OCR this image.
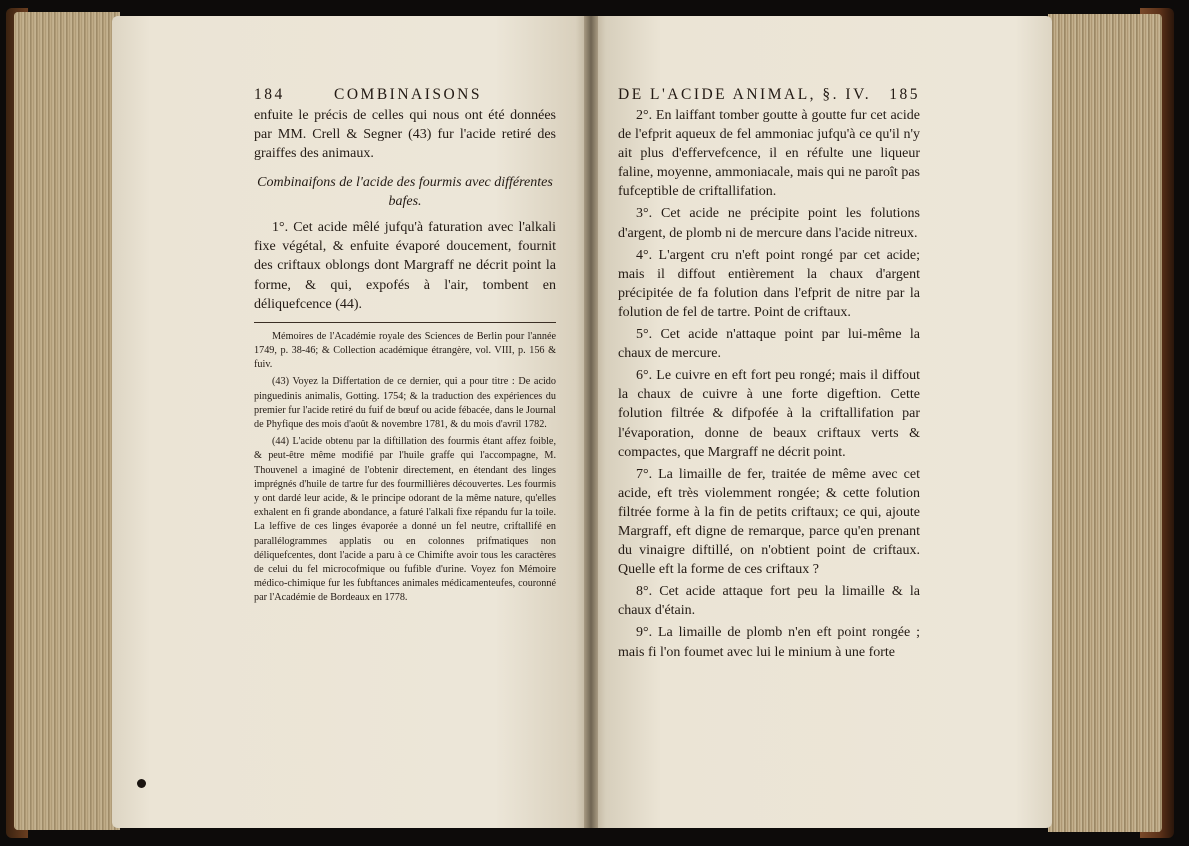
184	COMBINAISONS

enfuite le précis de celles qui nous ont été données par MM. Crell & Segner (43) fur l'acide retiré des graiffes des animaux.

Combinaifons de l'acide des fourmis avec différentes bafes.

1°. Cet acide mêlé jufqu'à faturation avec l'alkali fixe végétal, & enfuite évaporé doucement, fournit des criftaux oblongs dont Margraff ne décrit point la forme, & qui, expofés à l'air, tombent en déliquefcence (44).

Mémoires de l'Académie royale des Sciences de Berlin pour l'année 1749, p. 38-46; & Collection académique étrangère, vol. VIII, p. 156 & fuiv.

(43) Voyez la Differtation de ce dernier, qui a pour titre : De acido pinguedinis animalis, Gotting. 1754; & la traduction des expériences du premier fur l'acide retiré du fuif de bœuf ou acide fébacée, dans le Journal de Phyfique des mois d'août & novembre 1781, & du mois d'avril 1782.

(44) L'acide obtenu par la diftillation des fourmis étant affez foible, & peut-être même modifié par l'huile graffe qui l'accompagne, M. Thouvenel a imaginé de l'obtenir directement, en étendant des linges imprégnés d'huile de tartre fur des fourmillières découvertes. Les fourmis y ont dardé leur acide, & le principe odorant de la même nature, qu'elles exhalent en fi grande abondance, a faturé l'alkali fixe répandu fur la toile. La leffive de ces linges évaporée a donné un fel neutre, criftallifé en parallélogrammes applatis ou en colonnes prifmatiques non déliquefcentes, dont l'acide a paru à ce Chimifte avoir tous les caractères de celui du fel microcofmique ou fufible d'urine. Voyez fon Mémoire médico-chimique fur les fubftances animales médicamenteufes, couronné par l'Académie de Bordeaux en 1778.

DE L'ACIDE ANIMAL, §. IV. 185

2°. En laiffant tomber goutte à goutte fur cet acide de l'efprit aqueux de fel ammoniac jufqu'à ce qu'il n'y ait plus d'effervefcence, il en réfulte une liqueur faline, moyenne, ammoniacale, mais qui ne paroît pas fufceptible de criftallifation.

3°. Cet acide ne précipite point les folutions d'argent, de plomb ni de mercure dans l'acide nitreux.

4°. L'argent cru n'eft point rongé par cet acide; mais il diffout entièrement la chaux d'argent précipitée de fa folution dans l'efprit de nitre par la folution de fel de tartre. Point de criftaux.

5°. Cet acide n'attaque point par lui-même la chaux de mercure.

6°. Le cuivre en eft fort peu rongé; mais il diffout la chaux de cuivre à une forte digeftion. Cette folution filtrée & difpofée à la criftallifation par l'évaporation, donne de beaux criftaux verts & compactes, que Margraff ne décrit point.

7°. La limaille de fer, traitée de même avec cet acide, eft très violemment rongée; & cette folution filtrée forme à la fin de petits criftaux; ce qui, ajoute Margraff, eft digne de remarque, parce qu'en prenant du vinaigre diftillé, on n'obtient point de criftaux. Quelle eft la forme de ces criftaux ?

8°. Cet acide attaque fort peu la limaille & la chaux d'étain.

9°. La limaille de plomb n'en eft point rongée ; mais fi l'on foumet avec lui le minium à une forte
